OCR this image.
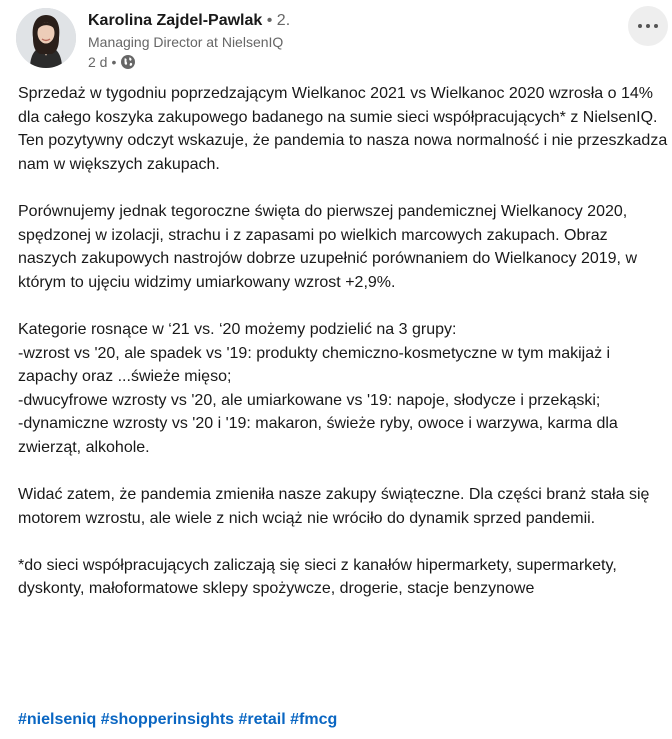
Karolina Zajdel-Pawlak • 2.
Managing Director at NielsenIQ
2 d •

Sprzedaż w tygodniu poprzedzającym Wielkanoc 2021 vs Wielkanoc 2020 wzrosła o 14% dla całego koszyka zakupowego badanego na sumie sieci współpracujących* z NielsenIQ.

Ten pozytywny odczyt wskazuje, że pandemia to nasza nowa normalność i nie przeszkadza nam w większych zakupach.

Porównujemy jednak tegoroczne święta do pierwszej pandemicznej Wielkanocy 2020, spędzonej w izolacji, strachu i z zapasami po wielkich marcowych zakupach. Obraz naszych zakupowych nastrojów dobrze uzupełnić porównaniem do Wielkanocy 2019, w którym to ujęciu widzimy umiarkowany wzrost +2,9%.

Kategorie rosnące w ‘21 vs. ‘20 możemy podzielić na 3 grupy:

-wzrost vs '20, ale spadek vs '19: produkty chemiczno-kosmetyczne w tym makijaż i zapachy oraz ...świeże mięso;

-dwucyfrowe wzrosty vs '20, ale umiarkowane vs '19: napoje, słodycze i przekąski;

-dynamiczne wzrosty vs '20 i '19: makaron, świeże ryby, owoce i warzywa, karma dla zwierząt, alkohole.

Widać zatem, że pandemia zmieniła nasze zakupy świąteczne. Dla części branż stała się motorem wzrostu, ale wiele z nich wciąż nie wróciło do dynamik sprzed pandemii.

*do sieci współpracujących zaliczają się sieci z kanałów hipermarkety, supermarkety, dyskonty, małoformatowe sklepy spożywcze, drogerie, stacje benzynowe

#nielseniq #shopperinsights #retail #fmcg
